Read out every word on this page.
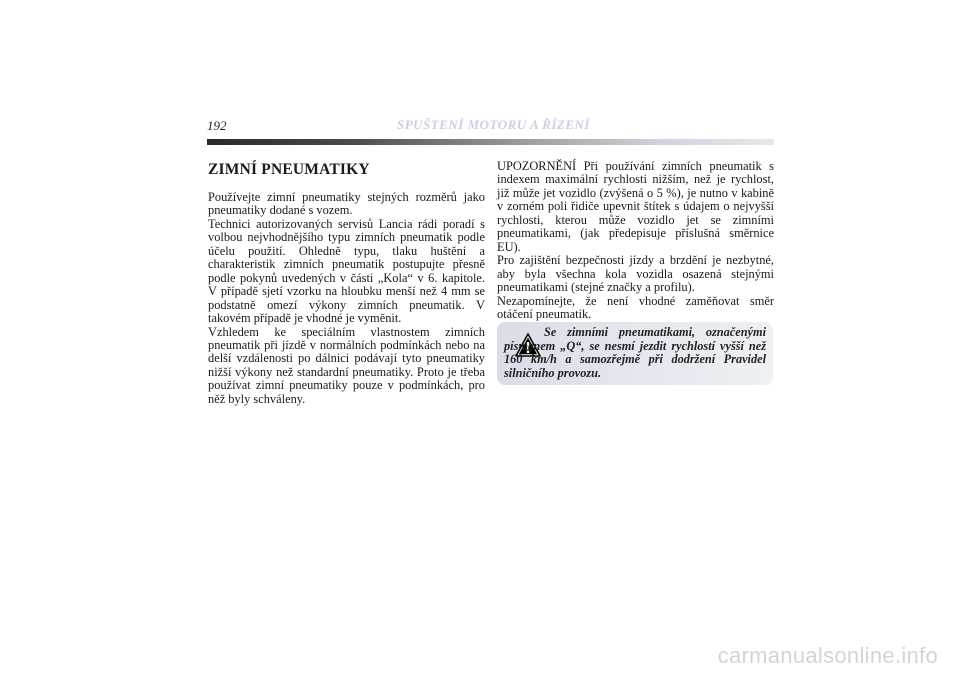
192	SPUŠTENÍ MOTORU A ŘÍZENÍ
ZIMNÍ PNEUMATIKY

Používejte zimní pneumatiky stejných rozměrů jako pneumatiky dodané s vozem.

Technici autorizovaných servisů Lancia rádi poradí s volbou nejvhodnějšího typu zimních pneumatik podle účelu použití. Ohledně typu, tlaku huštění a charakteristik zimních pneumatik postupujte přesně podle pokynů uvedených v části „Kola“ v 6. kapitole. V případě sjetí vzorku na hloubku menší než 4 mm se podstatně omezí výkony zimních pneumatik. V takovém případě je vhodné je vyměnit.

Vzhledem ke speciálním vlastnostem zimních pneumatik při jízdě v normálních podmínkách nebo na delší vzdálenosti po dálnici podávají tyto pneumatiky nižší výkony než standardní pneumatiky. Proto je třeba používat zimní pneumatiky pouze v podmínkách, pro něž byly schváleny.

UPOZORNĚNÍ Při používání zimních pneumatik s indexem maximální rychlosti nižším, než je rychlost, již může jet vozidlo (zvýšená o 5 %), je nutno v kabině v zorném poli řidiče upevnit štítek s údajem o nejvyšší rychlosti, kterou může vozidlo jet se zimními pneumatikami, (jak předepisuje příslušná směrnice EU).

Pro zajištění bezpečnosti jízdy a brzdění je nezbytné, aby byla všechna kola vozidla osazená stejnými pneumatikami (stejné značky a profilu).

Nezapomínejte, že není vhodné zaměňovat směr otáčení pneumatik.

Se zimními pneumatikami, označenými písmenem „Q“, se nesmí jezdit rychlostí vyšší než 160 km/h a samozřejmě při dodržení Pravidel silničního provozu.
carmanualsonline.info
